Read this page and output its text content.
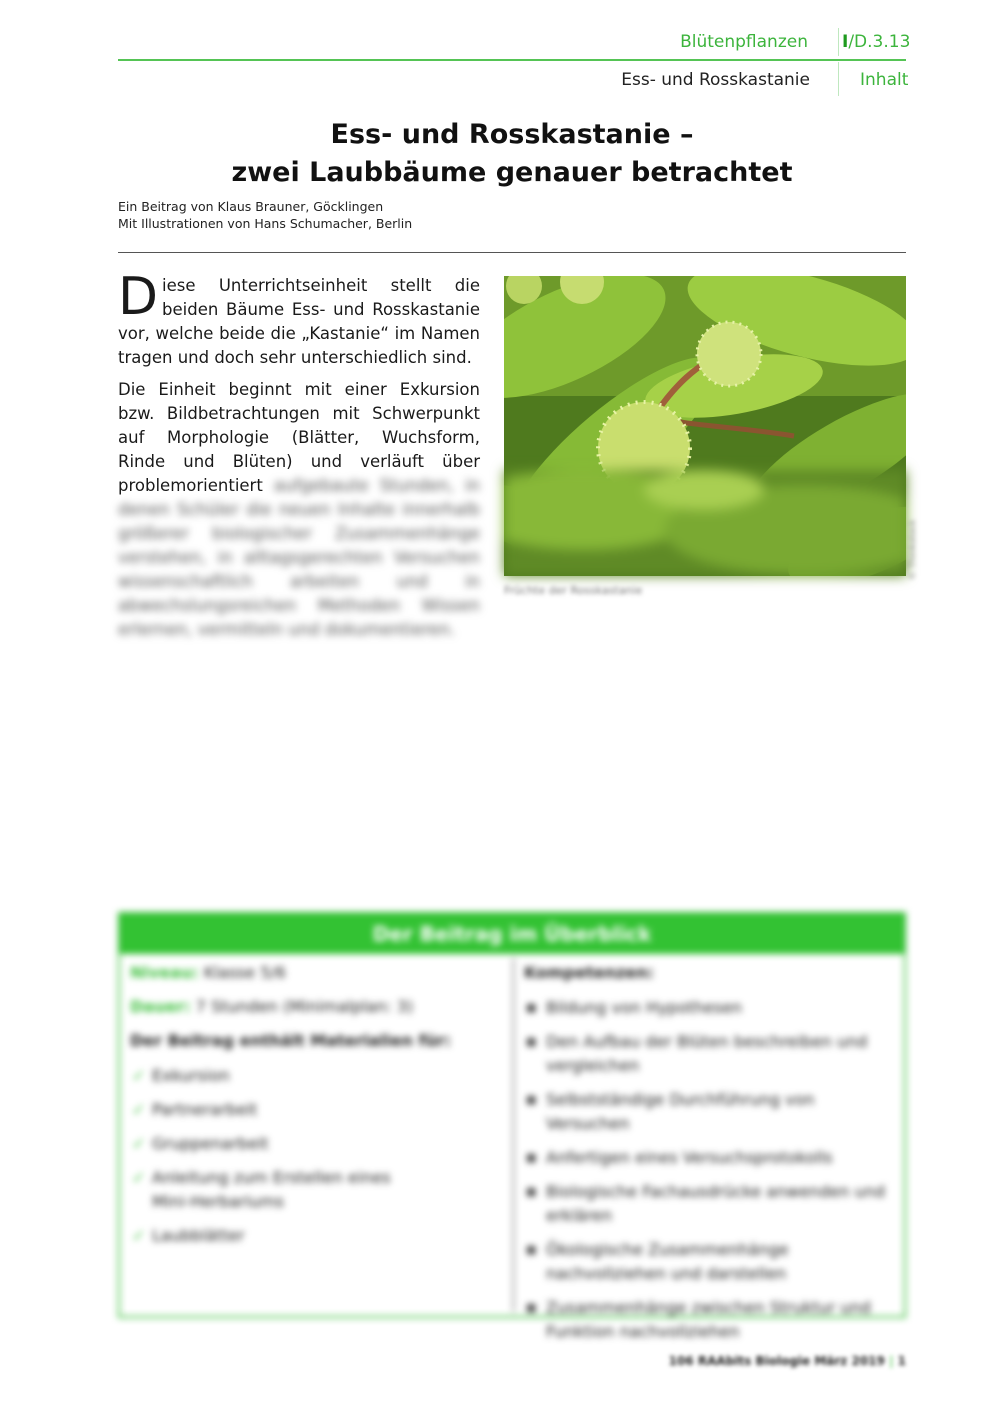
Blütenpflanzen I/D.3.13
Ess- und Rosskastanie	Inhalt
Ess- und Rosskastanie –
zwei Laubbäume genauer betrachtet
Ein Beitrag von Klaus Brauner, Göcklingen
Mit Illustrationen von Hans Schumacher, Berlin

Diese Unterrichtseinheit stellt die beiden Bäume Ess- und Rosskastanie vor, welche beide die „Kastanie“ im Namen tragen und doch sehr unterschiedlich sind.

Die Einheit beginnt mit einer Exkursion bzw. Bildbetrachtungen mit Schwerpunkt auf Morphologie (Blätter, Wuchsform, Rinde und Blüten) und verläuft über problemorientiert aufgebaute Stunden, in denen Schüler die neuen Inhalte innerhalb größerer biologischer Zusammenhänge verstehen, in alltagsgerechten Versuchen wissenschaftlich arbeiten und in abwechslungsreichen Methoden Wissen erlernen, vermitteln und dokumentieren.

Früchte der Rosskastanie
© Thinkstock
Der Beitrag im Überblick
Niveau: Klasse 5/6
Dauer: 7 Stunden (Minimalplan: 3)
Der Beitrag enthält Materialien für:
✓ Exkursion
✓ Partnerarbeit
✓ Gruppenarbeit
✓ Anleitung zum Erstellen eines Mini-Herbariums
✓ Laubblätter
Kompetenzen:
■ Bildung von Hypothesen
■ Den Aufbau der Blüten beschreiben und vergleichen
■ Selbstständige Durchführung von Versuchen
■ Anfertigen eines Versuchsprotokolls
■ Biologische Fachausdrücke anwenden und erklären
■ Ökologische Zusammenhänge nachvollziehen und darstellen
■ Zusammenhänge zwischen Struktur und Funktion nachvollziehen
106 RAAbits Biologie März 2019 | 1
